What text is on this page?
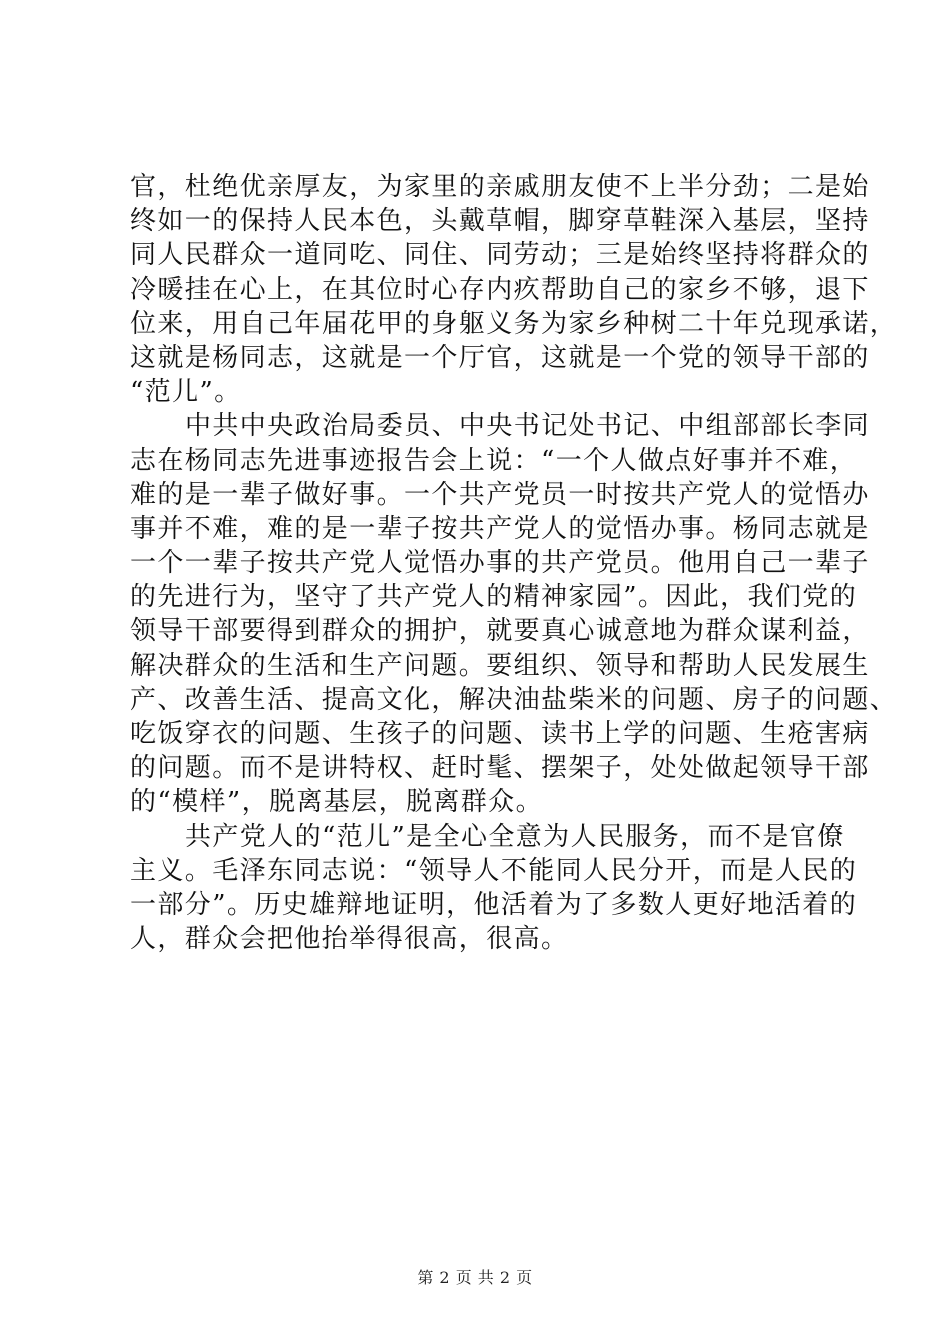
官，杜绝优亲厚友，为家里的亲戚朋友使不上半分劲；二是始
终如一的保持人民本色，头戴草帽，脚穿草鞋深入基层，坚持
同人民群众一道同吃、同住、同劳动；三是始终坚持将群众的
冷暖挂在心上，在其位时心存内疚帮助自己的家乡不够，退下
位来，用自己年届花甲的身躯义务为家乡种树二十年兑现承诺，
这就是杨同志，这就是一个厅官，这就是一个党的领导干部的
“范儿”。

中共中央政治局委员、中央书记处书记、中组部部长李同
志在杨同志先进事迹报告会上说：“一个人做点好事并不难，
难的是一辈子做好事。一个共产党员一时按共产党人的觉悟办
事并不难，难的是一辈子按共产党人的觉悟办事。杨同志就是
一个一辈子按共产党人觉悟办事的共产党员。他用自己一辈子
的先进行为，坚守了共产党人的精神家园”。因此，我们党的
领导干部要得到群众的拥护，就要真心诚意地为群众谋利益，
解决群众的生活和生产问题。要组织、领导和帮助人民发展生
产、改善生活、提高文化，解决油盐柴米的问题、房子的问题、
吃饭穿衣的问题、生孩子的问题、读书上学的问题、生疮害病
的问题。而不是讲特权、赶时髦、摆架子，处处做起领导干部
的“模样”，脱离基层，脱离群众。

共产党人的“范儿”是全心全意为人民服务，而不是官僚
主义。毛泽东同志说：“领导人不能同人民分开，而是人民的
一部分”。历史雄辩地证明，他活着为了多数人更好地活着的
人，群众会把他抬举得很高，很高。

第 2 页 共 2 页
